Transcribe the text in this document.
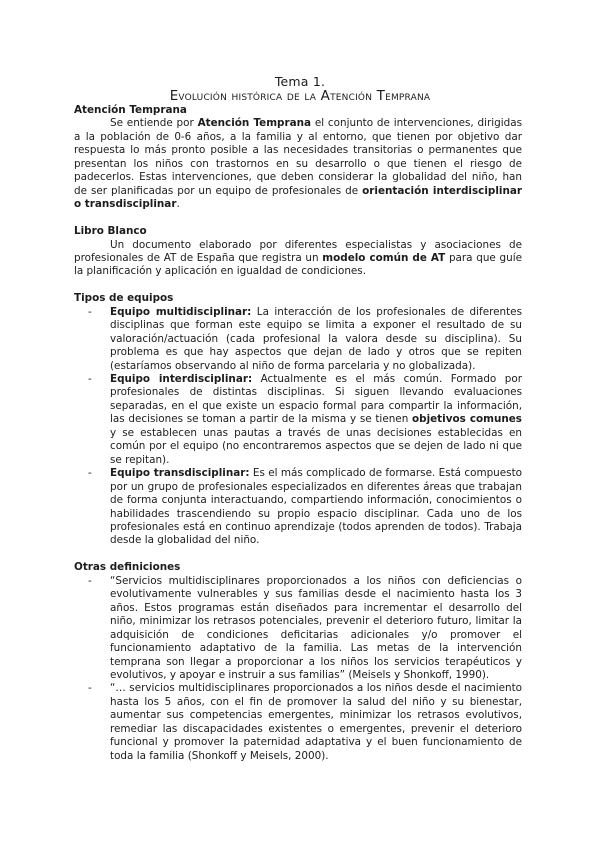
Tema 1.
Evolución histórica de la Atención Temprana
Atención Temprana

Se entiende por Atención Temprana el conjunto de intervenciones, dirigidas a la población de 0-6 años, a la familia y al entorno, que tienen por objetivo dar respuesta lo más pronto posible a las necesidades transitorias o permanentes que presentan los niños con trastornos en su desarrollo o que tienen el riesgo de padecerlos. Estas intervenciones, que deben considerar la globalidad del niño, han de ser planificadas por un equipo de profesionales de orientación interdisciplinar o transdisciplinar.

Libro Blanco

Un documento elaborado por diferentes especialistas y asociaciones de profesionales de AT de España que registra un modelo común de AT para que guíe la planificación y aplicación en igualdad de condiciones.

Tipos de equipos
- Equipo multidisciplinar: La interacción de los profesionales de diferentes disciplinas que forman este equipo se limita a exponer el resultado de su valoración/actuación (cada profesional la valora desde su disciplina). Su problema es que hay aspectos que dejan de lado y otros que se repiten (estaríamos observando al niño de forma parcelaria y no globalizada).
- Equipo interdisciplinar: Actualmente es el más común. Formado por profesionales de distintas disciplinas. Si siguen llevando evaluaciones separadas, en el que existe un espacio formal para compartir la información, las decisiones se toman a partir de la misma y se tienen objetivos comunes y se establecen unas pautas a través de unas decisiones establecidas en común por el equipo (no encontraremos aspectos que se dejen de lado ni que se repitan).
- Equipo transdisciplinar: Es el más complicado de formarse. Está compuesto por un grupo de profesionales especializados en diferentes áreas que trabajan de forma conjunta interactuando, compartiendo información, conocimientos o habilidades trascendiendo su propio espacio disciplinar. Cada uno de los profesionales está en continuo aprendizaje (todos aprenden de todos). Trabaja desde la globalidad del niño.
Otras definiciones
- “Servicios multidisciplinares proporcionados a los niños con deficiencias o evolutivamente vulnerables y sus familias desde el nacimiento hasta los 3 años. Estos programas están diseñados para incrementar el desarrollo del niño, minimizar los retrasos potenciales, prevenir el deterioro futuro, limitar la adquisición de condiciones deficitarias adicionales y/o promover el funcionamiento adaptativo de la familia. Las metas de la intervención temprana son llegar a proporcionar a los niños los servicios terapéuticos y evolutivos, y apoyar e instruir a sus familias” (Meisels y Shonkoff, 1990).
- “… servicios multidisciplinares proporcionados a los niños desde el nacimiento hasta los 5 años, con el fin de promover la salud del niño y su bienestar, aumentar sus competencias emergentes, minimizar los retrasos evolutivos, remediar las discapacidades existentes o emergentes, prevenir el deterioro funcional y promover la paternidad adaptativa y el buen funcionamiento de toda la familia (Shonkoff y Meisels, 2000).
